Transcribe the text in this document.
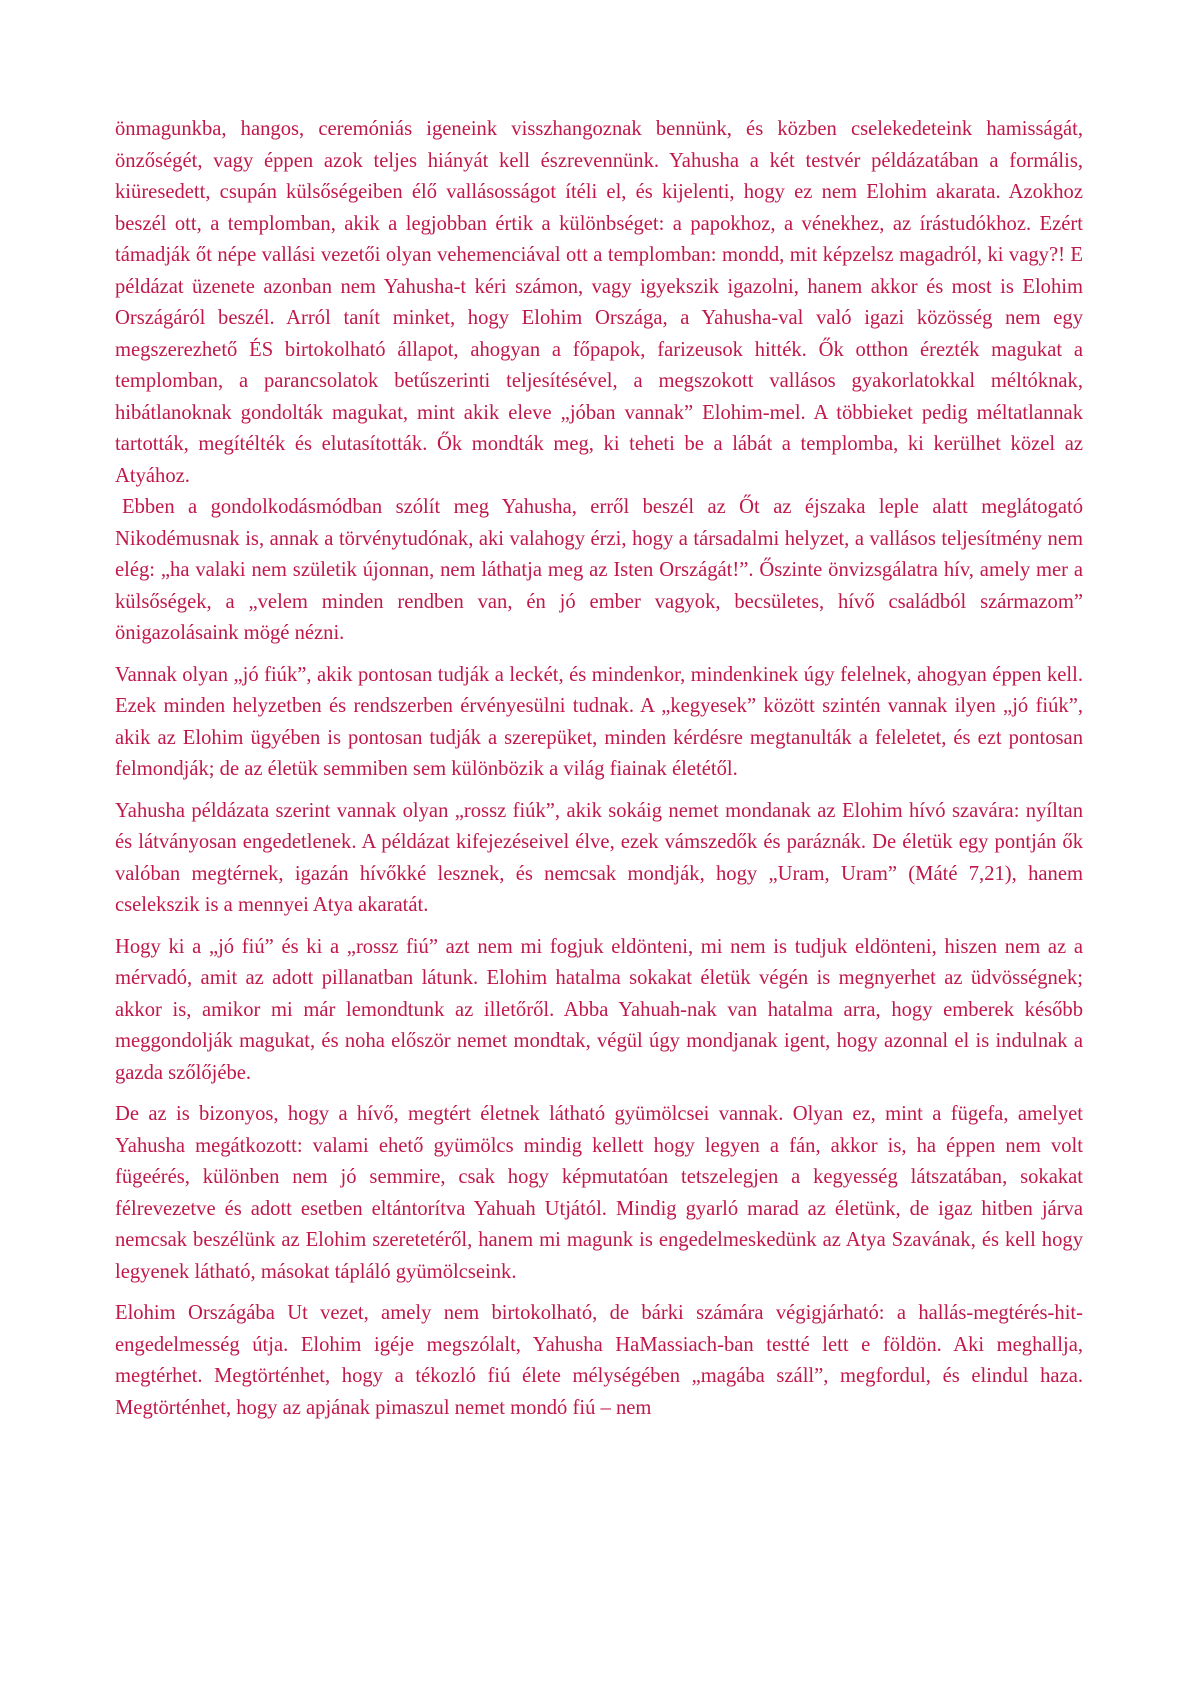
önmagunkba, hangos, ceremóniás igeneink visszhangoznak bennünk, és közben cselekedeteink hamisságát, önzőségét, vagy éppen azok teljes hiányát kell észrevennünk. Yahusha a két testvér példázatában a formális, kiüresedett, csupán külsőségeiben élő vallásosságot ítéli el, és kijelenti, hogy ez nem Elohim akarata. Azokhoz beszél ott, a templomban, akik a legjobban értik a különbséget: a papokhoz, a vénekhez, az írástudókhoz. Ezért támadják őt népe vallási vezetői olyan vehemenciával ott a templomban: mondd, mit képzelsz magadról, ki vagy?! E példázat üzenete azonban nem Yahusha-t kéri számon, vagy igyekszik igazolni, hanem akkor és most is Elohim Országáról beszél. Arról tanít minket, hogy Elohim Országa, a Yahusha-val való igazi közösség nem egy megszerezhető ÉS birtokolható állapot, ahogyan a főpapok, farizeusok hitték. Ők otthon érezték magukat a templomban, a parancsolatok betűszerinti teljesítésével, a megszokott vallásos gyakorlatokkal méltóknak, hibátlanoknak gondolták magukat, mint akik eleve „jóban vannak” Elohim-mel. A többieket pedig méltatlannak tartották, megítélték és elutasították. Ők mondták meg, ki teheti be a lábát a templomba, ki kerülhet közel az Atyához.

Ebben a gondolkodásmódban szólít meg Yahusha, erről beszél az Őt az éjszaka leple alatt meglátogató Nikodémusnak is, annak a törvénytudónak, aki valahogy érzi, hogy a társadalmi helyzet, a vallásos teljesítmény nem elég: „ha valaki nem születik újonnan, nem láthatja meg az Isten Országát!”. Őszinte önvizsgálatra hív, amely mer a külsőségek, a „velem minden rendben van, én jó ember vagyok, becsületes, hívő családból származom” önigazolásaink mögé nézni.

Vannak olyan „jó fiúk”, akik pontosan tudják a leckét, és mindenkor, mindenkinek úgy felelnek, ahogyan éppen kell. Ezek minden helyzetben és rendszerben érvényesülni tudnak. A „kegyesek” között szintén vannak ilyen „jó fiúk”, akik az Elohim ügyében is pontosan tudják a szerepüket, minden kérdésre megtanulták a feleletet, és ezt pontosan felmondják; de az életük semmiben sem különbözik a világ fiainak életétől.

Yahusha példázata szerint vannak olyan „rossz fiúk”, akik sokáig nemet mondanak az Elohim hívó szavára: nyíltan és látványosan engedetlenek. A példázat kifejezéseivel élve, ezek vámszedők és paráznák. De életük egy pontján ők valóban megtérnek, igazán hívőkké lesznek, és nemcsak mondják, hogy „Uram, Uram” (Máté 7,21), hanem cselekszik is a mennyei Atya akaratát.

Hogy ki a „jó fiú” és ki a „rossz fiú” azt nem mi fogjuk eldönteni, mi nem is tudjuk eldönteni, hiszen nem az a mérvadó, amit az adott pillanatban látunk. Elohim hatalma sokakat életük végén is megnyerhet az üdvösségnek; akkor is, amikor mi már lemondtunk az illetőről. Abba Yahuah-nak van hatalma arra, hogy emberek később meggondolják magukat, és noha először nemet mondtak, végül úgy mondjanak igent, hogy azonnal el is indulnak a gazda szőlőjébe.

De az is bizonyos, hogy a hívő, megtért életnek látható gyümölcsei vannak. Olyan ez, mint a fügefa, amelyet Yahusha megátkozott: valami ehető gyümölcs mindig kellett hogy legyen a fán, akkor is, ha éppen nem volt fügeérés, különben nem jó semmire, csak hogy képmutatóan tetszelegjen a kegyesség látszatában, sokakat félrevezetve és adott esetben eltántorítva Yahuah Utjától. Mindig gyarló marad az életünk, de igaz hitben járva nemcsak beszélünk az Elohim szeretetéről, hanem mi magunk is engedelmeskedünk az Atya Szavának, és kell hogy legyenek látható, másokat tápláló gyümölcseink.

Elohim Országába Ut vezet, amely nem birtokolható, de bárki számára végigjárható: a hallás-megtérés-hit-engedelmesség útja. Elohim igéje megszólalt, Yahusha HaMassiach-ban testté lett e földön. Aki meghallja, megtérhet. Megtörténhet, hogy a tékozló fiú élete mélységében „magába száll”, megfordul, és elindul haza. Megtörténhet, hogy az apjának pimaszul nemet mondó fiú – nem
